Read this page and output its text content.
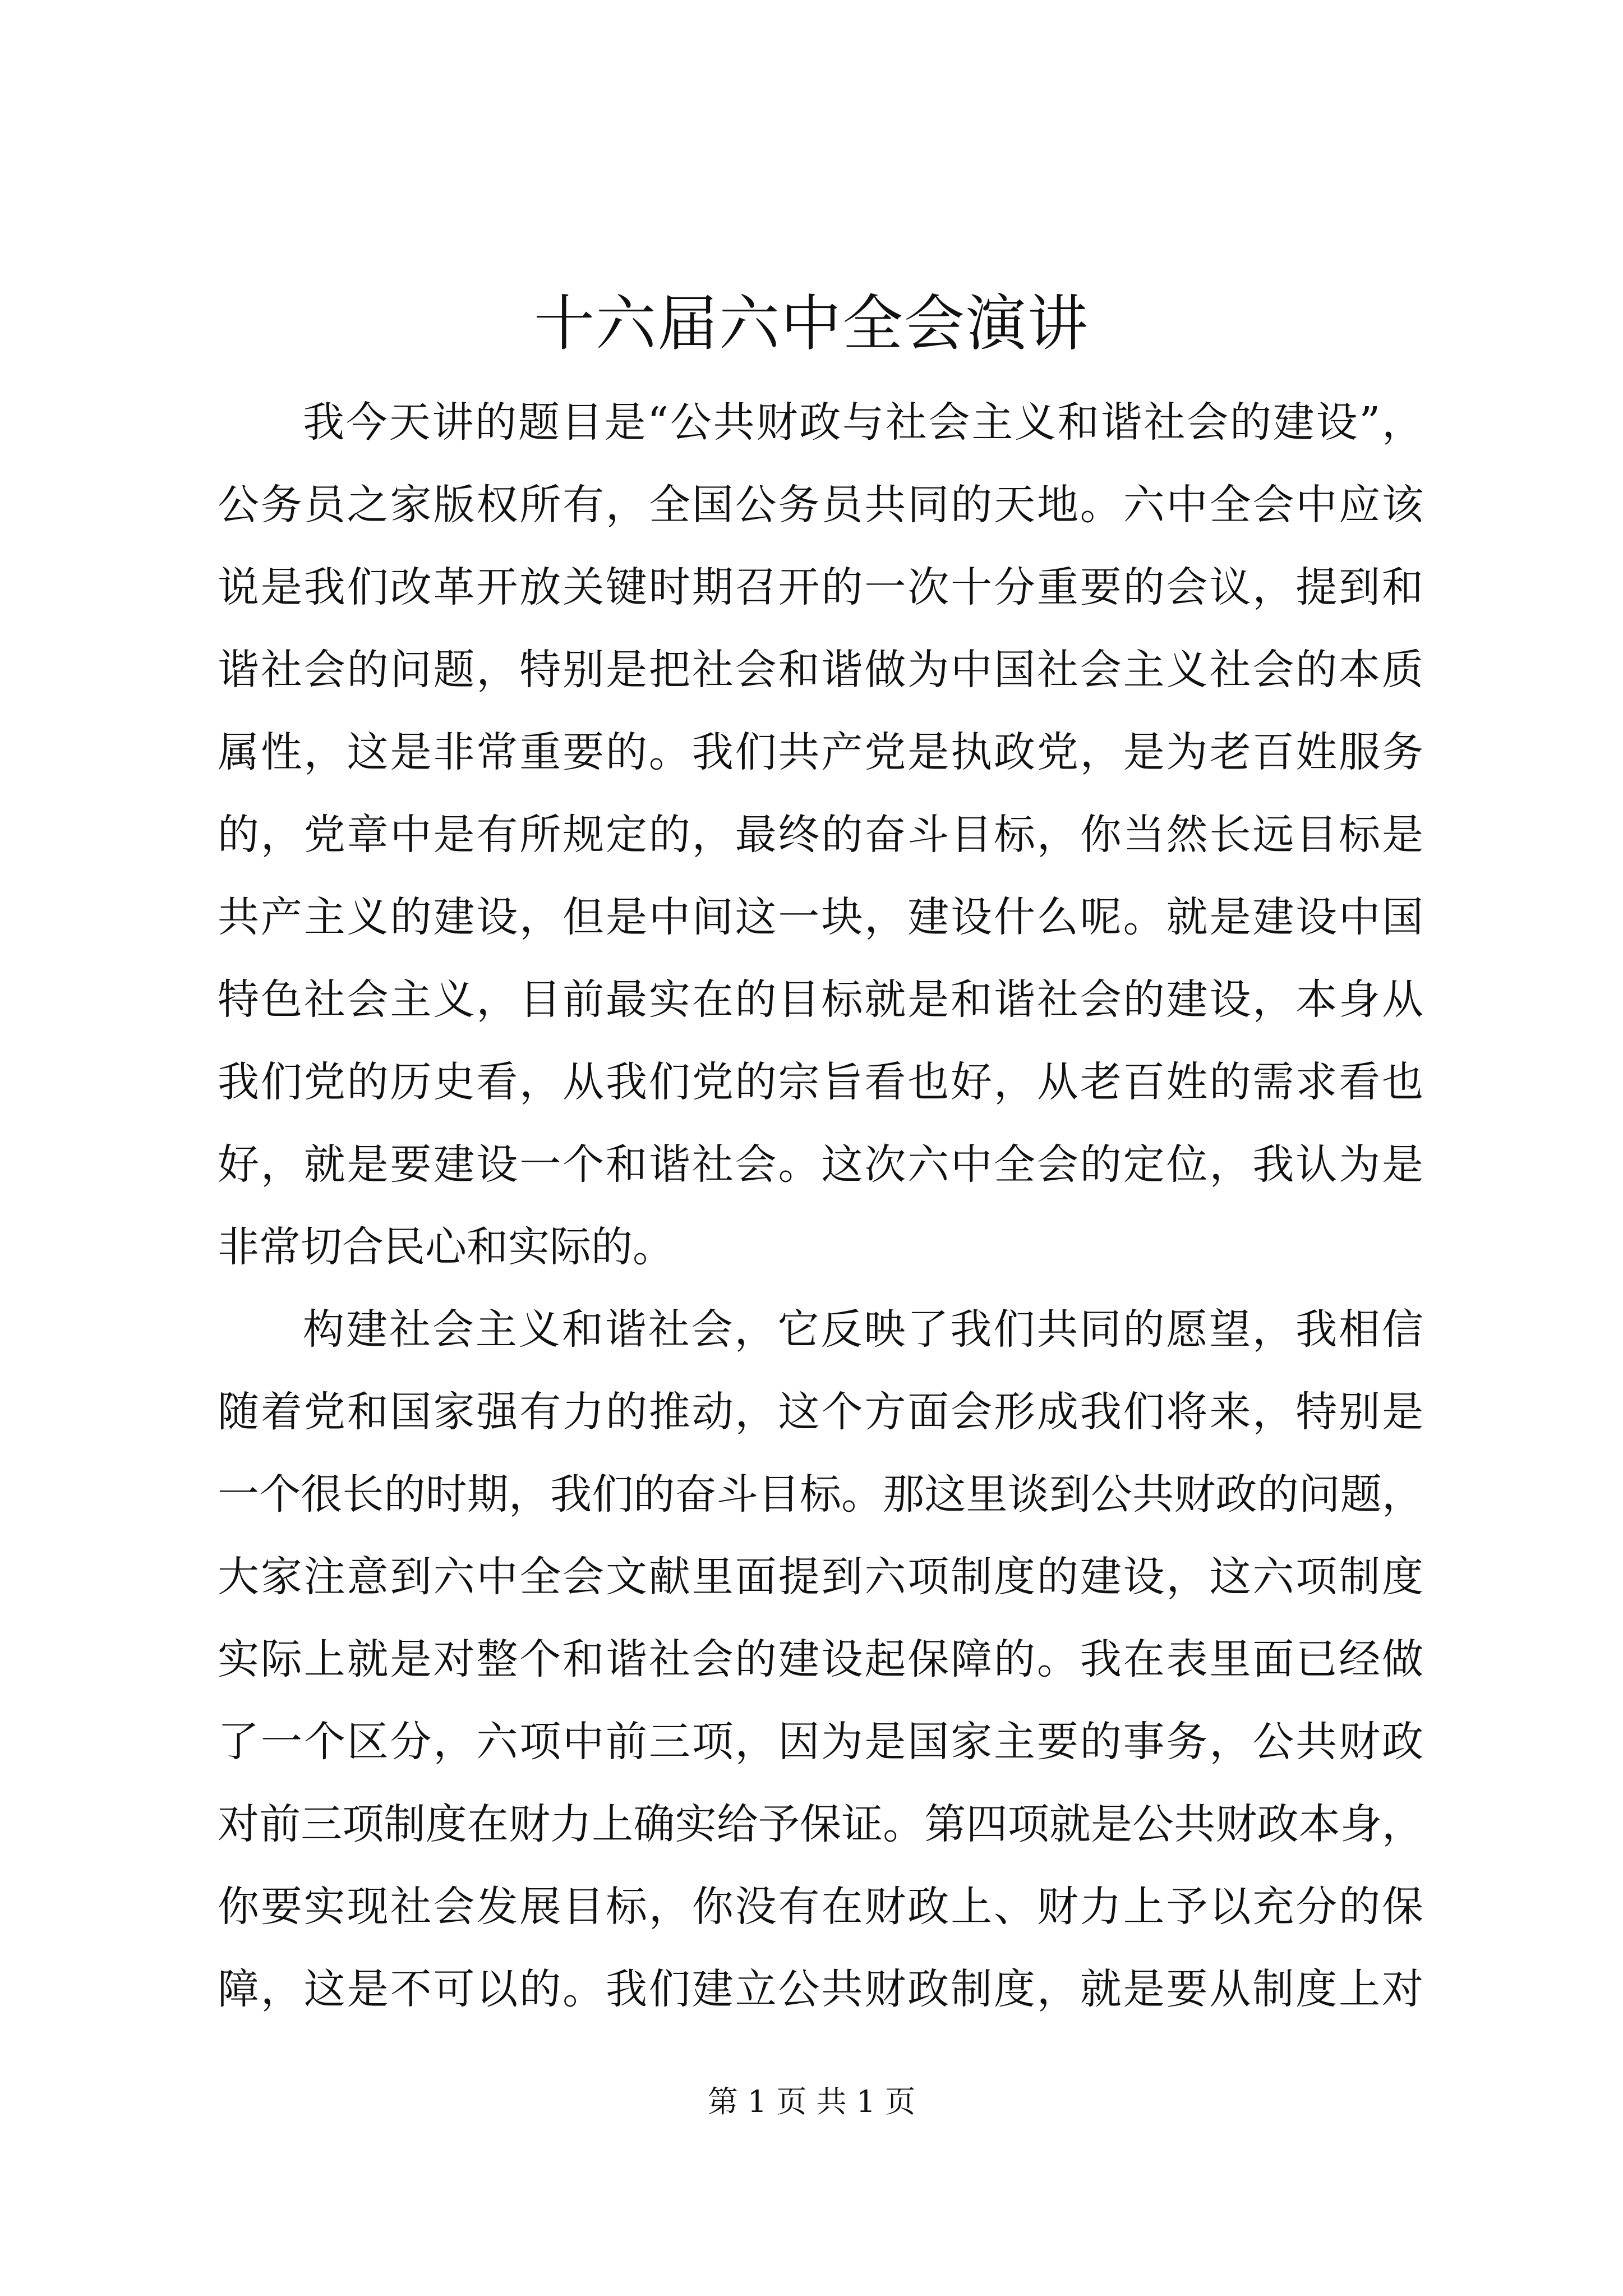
十六届六中全会演讲

我今天讲的题目是“公共财政与社会主义和谐社会的建设”，

公务员之家版权所有，全国公务员共同的天地。六中全会中应该

说是我们改革开放关键时期召开的一次十分重要的会议，提到和

谐社会的问题，特别是把社会和谐做为中国社会主义社会的本质

属性，这是非常重要的。我们共产党是执政党，是为老百姓服务

的，党章中是有所规定的，最终的奋斗目标，你当然长远目标是

共产主义的建设，但是中间这一块，建设什么呢。就是建设中国

特色社会主义，目前最实在的目标就是和谐社会的建设，本身从

我们党的历史看，从我们党的宗旨看也好，从老百姓的需求看也

好，就是要建设一个和谐社会。这次六中全会的定位，我认为是

非常切合民心和实际的。

构建社会主义和谐社会，它反映了我们共同的愿望，我相信

随着党和国家强有力的推动，这个方面会形成我们将来，特别是

一个很长的时期，我们的奋斗目标。那这里谈到公共财政的问题，

大家注意到六中全会文献里面提到六项制度的建设，这六项制度

实际上就是对整个和谐社会的建设起保障的。我在表里面已经做

了一个区分，六项中前三项，因为是国家主要的事务，公共财政

对前三项制度在财力上确实给予保证。第四项就是公共财政本身，

你要实现社会发展目标，你没有在财政上、财力上予以充分的保

障，这是不可以的。我们建立公共财政制度，就是要从制度上对

第 1 页 共 1 页
